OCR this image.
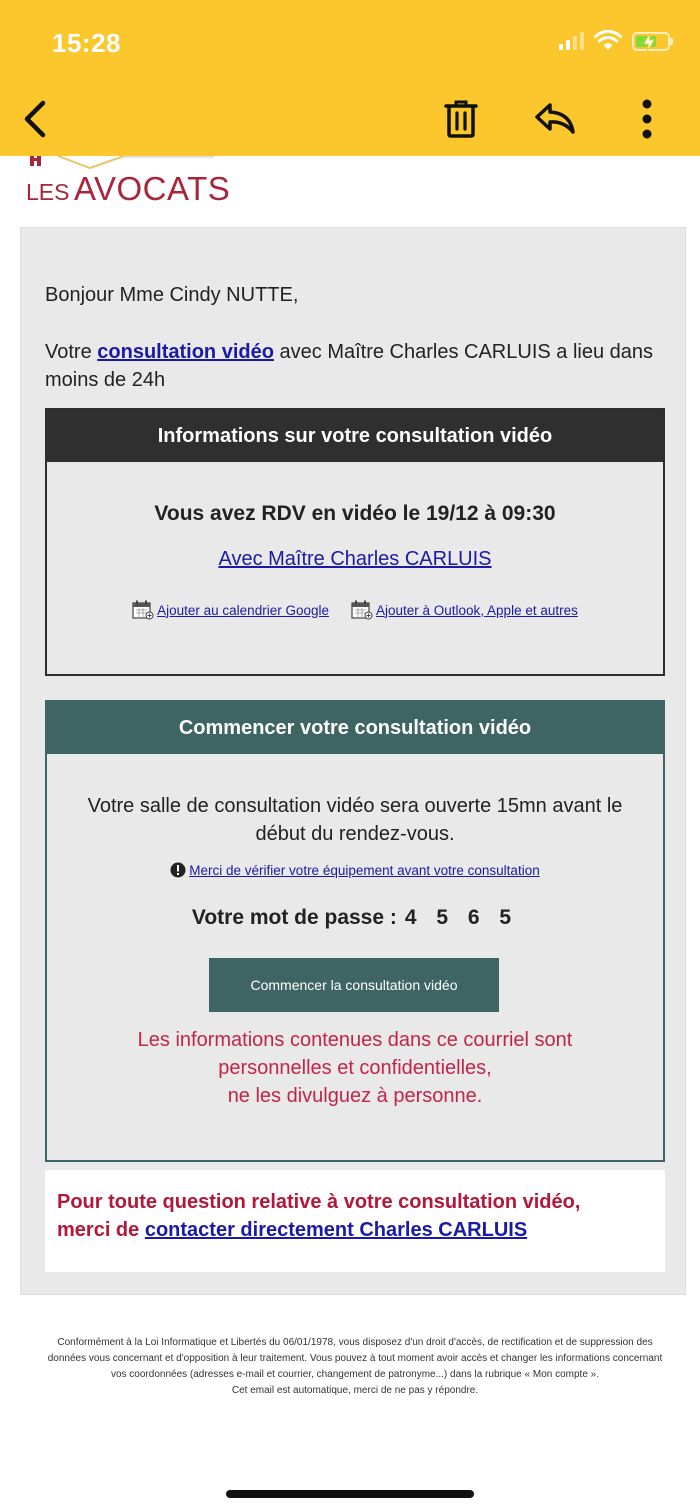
15:28
LES AVOCATS
Bonjour Mme Cindy NUTTE,
Votre consultation vidéo avec Maître Charles CARLUIS a lieu dans moins de 24h
Informations sur votre consultation vidéo
Vous avez RDV en vidéo le 19/12 à 09:30
Avec Maître Charles CARLUIS
Ajouter au calendrier Google	Ajouter à Outlook, Apple et autres
Commencer votre consultation vidéo
Votre salle de consultation vidéo sera ouverte 15mn avant le
début du rendez-vous.
Merci de vérifier votre équipement avant votre consultation
Votre mot de passe : 4 5 6 5
Commencer la consultation vidéo
Les informations contenues dans ce courriel sont
personnelles et confidentielles,
ne les divulguez à personne.
Pour toute question relative à votre consultation vidéo,
merci de contacter directement Charles CARLUIS
Conformément à la Loi Informatique et Libertés du 06/01/1978, vous disposez d'un droit d'accès, de rectification et de suppression des données vous concernant et d'opposition à leur traitement. Vous pouvez à tout moment avoir accès et changer les informations concernant vos coordonnées (adresses e-mail et courrier, changement de patronyme...) dans la rubrique « Mon compte ».
Cet email est automatique, merci de ne pas y répondre.
